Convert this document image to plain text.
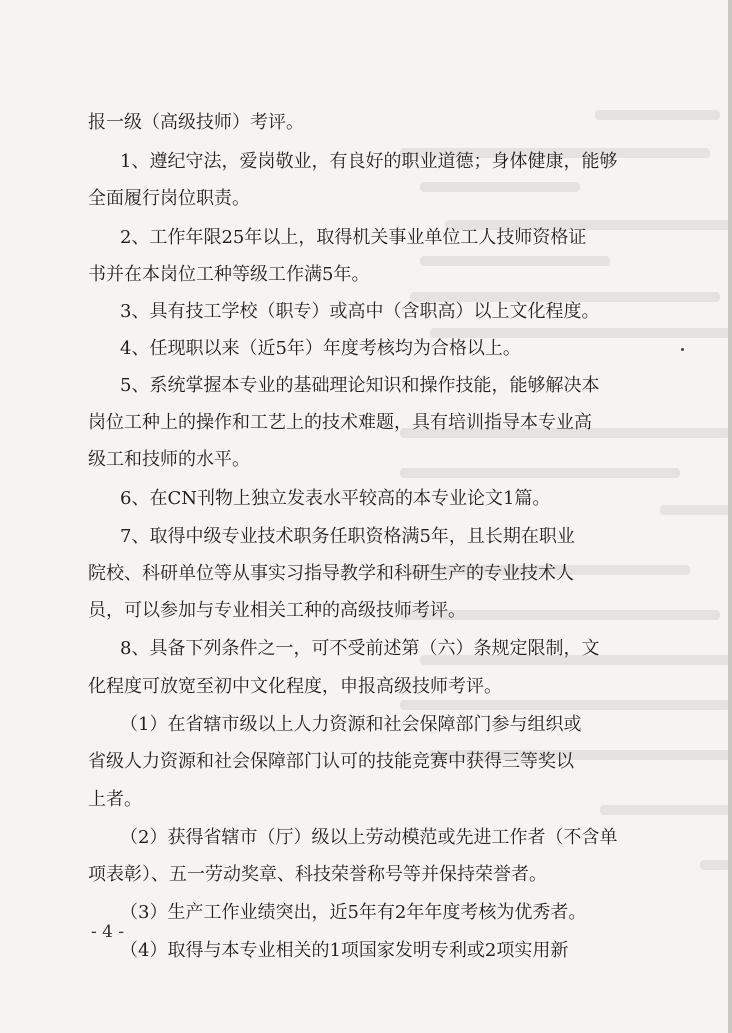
报一级（高级技师）考评。
1、遵纪守法，爱岗敬业，有良好的职业道德；身体健康，能够
全面履行岗位职责。
2、工作年限25年以上，取得机关事业单位工人技师资格证
书并在本岗位工种等级工作满5年。
3、具有技工学校（职专）或高中（含职高）以上文化程度。
4、任现职以来（近5年）年度考核均为合格以上。
5、系统掌握本专业的基础理论知识和操作技能，能够解决本
岗位工种上的操作和工艺上的技术难题，具有培训指导本专业高
级工和技师的水平。
6、在CN刊物上独立发表水平较高的本专业论文1篇。
7、取得中级专业技术职务任职资格满5年，且长期在职业
院校、科研单位等从事实习指导教学和科研生产的专业技术人
员，可以参加与专业相关工种的高级技师考评。
8、具备下列条件之一，可不受前述第（六）条规定限制，文
化程度可放宽至初中文化程度，申报高级技师考评。
（1）在省辖市级以上人力资源和社会保障部门参与组织或
省级人力资源和社会保障部门认可的技能竞赛中获得三等奖以
上者。
（2）获得省辖市（厅）级以上劳动模范或先进工作者（不含单
项表彰）、五一劳动奖章、科技荣誉称号等并保持荣誉者。
（3）生产工作业绩突出，近5年有2年年度考核为优秀者。
（4）取得与本专业相关的1项国家发明专利或2项实用新
- 4 -
